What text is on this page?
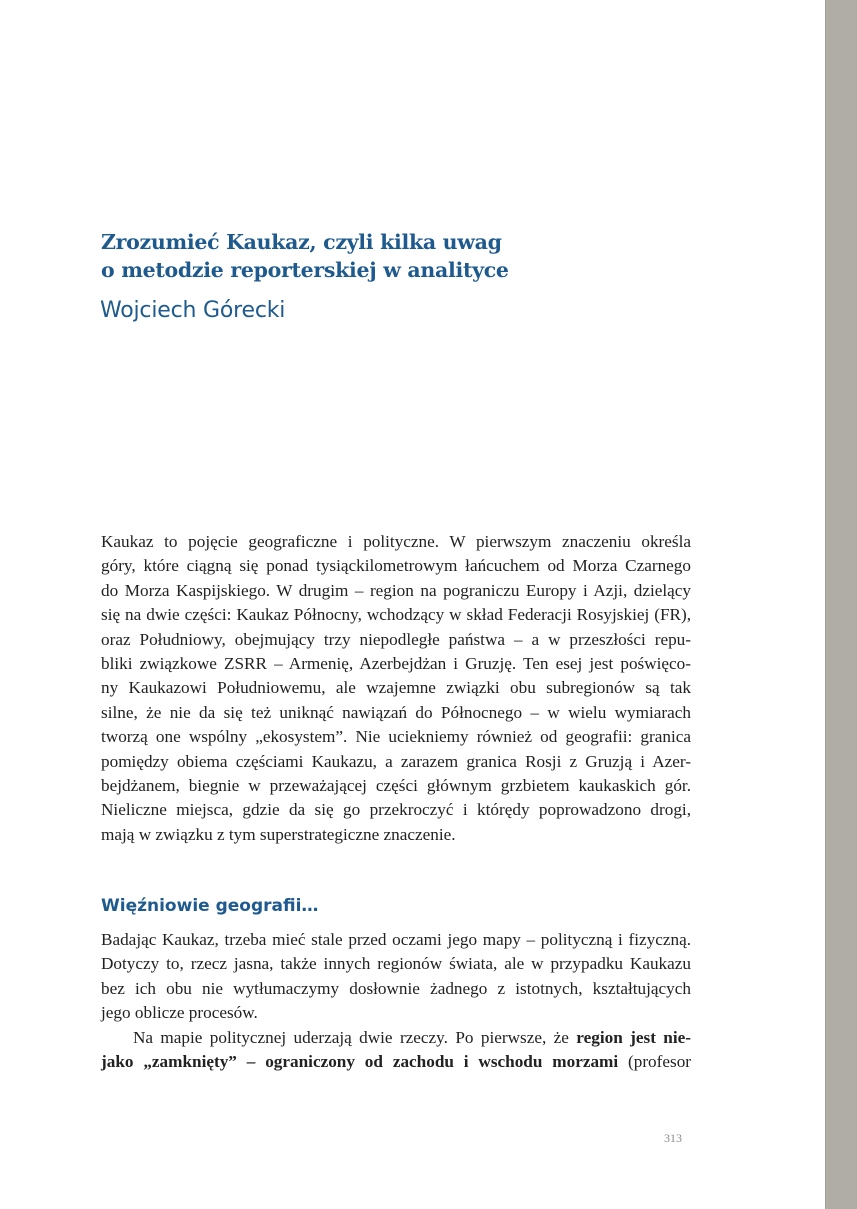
Zrozumieć Kaukaz, czyli kilka uwag
o metodzie reporterskiej w analityce
Wojciech Górecki
Kaukaz to pojęcie geograficzne i polityczne. W pierwszym znaczeniu określa
góry, które ciągną się ponad tysiąckilometrowym łańcuchem od Morza Czarnego
do Morza Kaspijskiego. W drugim – region na pograniczu Europy i Azji, dzielący
się na dwie części: Kaukaz Północny, wchodzący w skład Federacji Rosyjskiej (FR),
oraz Południowy, obejmujący trzy niepodległe państwa – a w przeszłości repu-
bliki związkowe ZSRR – Armenię, Azerbejdżan i Gruzję. Ten esej jest poświęco-
ny Kaukazowi Południowemu, ale wzajemne związki obu subregionów są tak
silne, że nie da się też uniknąć nawiązań do Północnego – w wielu wymiarach
tworzą one wspólny „ekosystem”. Nie uciekniemy również od geografii: granica
pomiędzy obiema częściami Kaukazu, a zarazem granica Rosji z Gruzją i Azer-
bejdżanem, biegnie w przeważającej części głównym grzbietem kaukaskich gór.
Nieliczne miejsca, gdzie da się go przekroczyć i którędy poprowadzono drogi,
mają w związku z tym superstrategiczne znaczenie.
Więźniowie geografii…
Badając Kaukaz, trzeba mieć stale przed oczami jego mapy – polityczną i fizyczną.
Dotyczy to, rzecz jasna, także innych regionów świata, ale w przypadku Kaukazu
bez ich obu nie wytłumaczymy dosłownie żadnego z istotnych, kształtujących
jego oblicze procesów.
Na mapie politycznej uderzają dwie rzeczy. Po pierwsze, że region jest nie-
jako „zamknięty” – ograniczony od zachodu i wschodu morzami (profesor
313
